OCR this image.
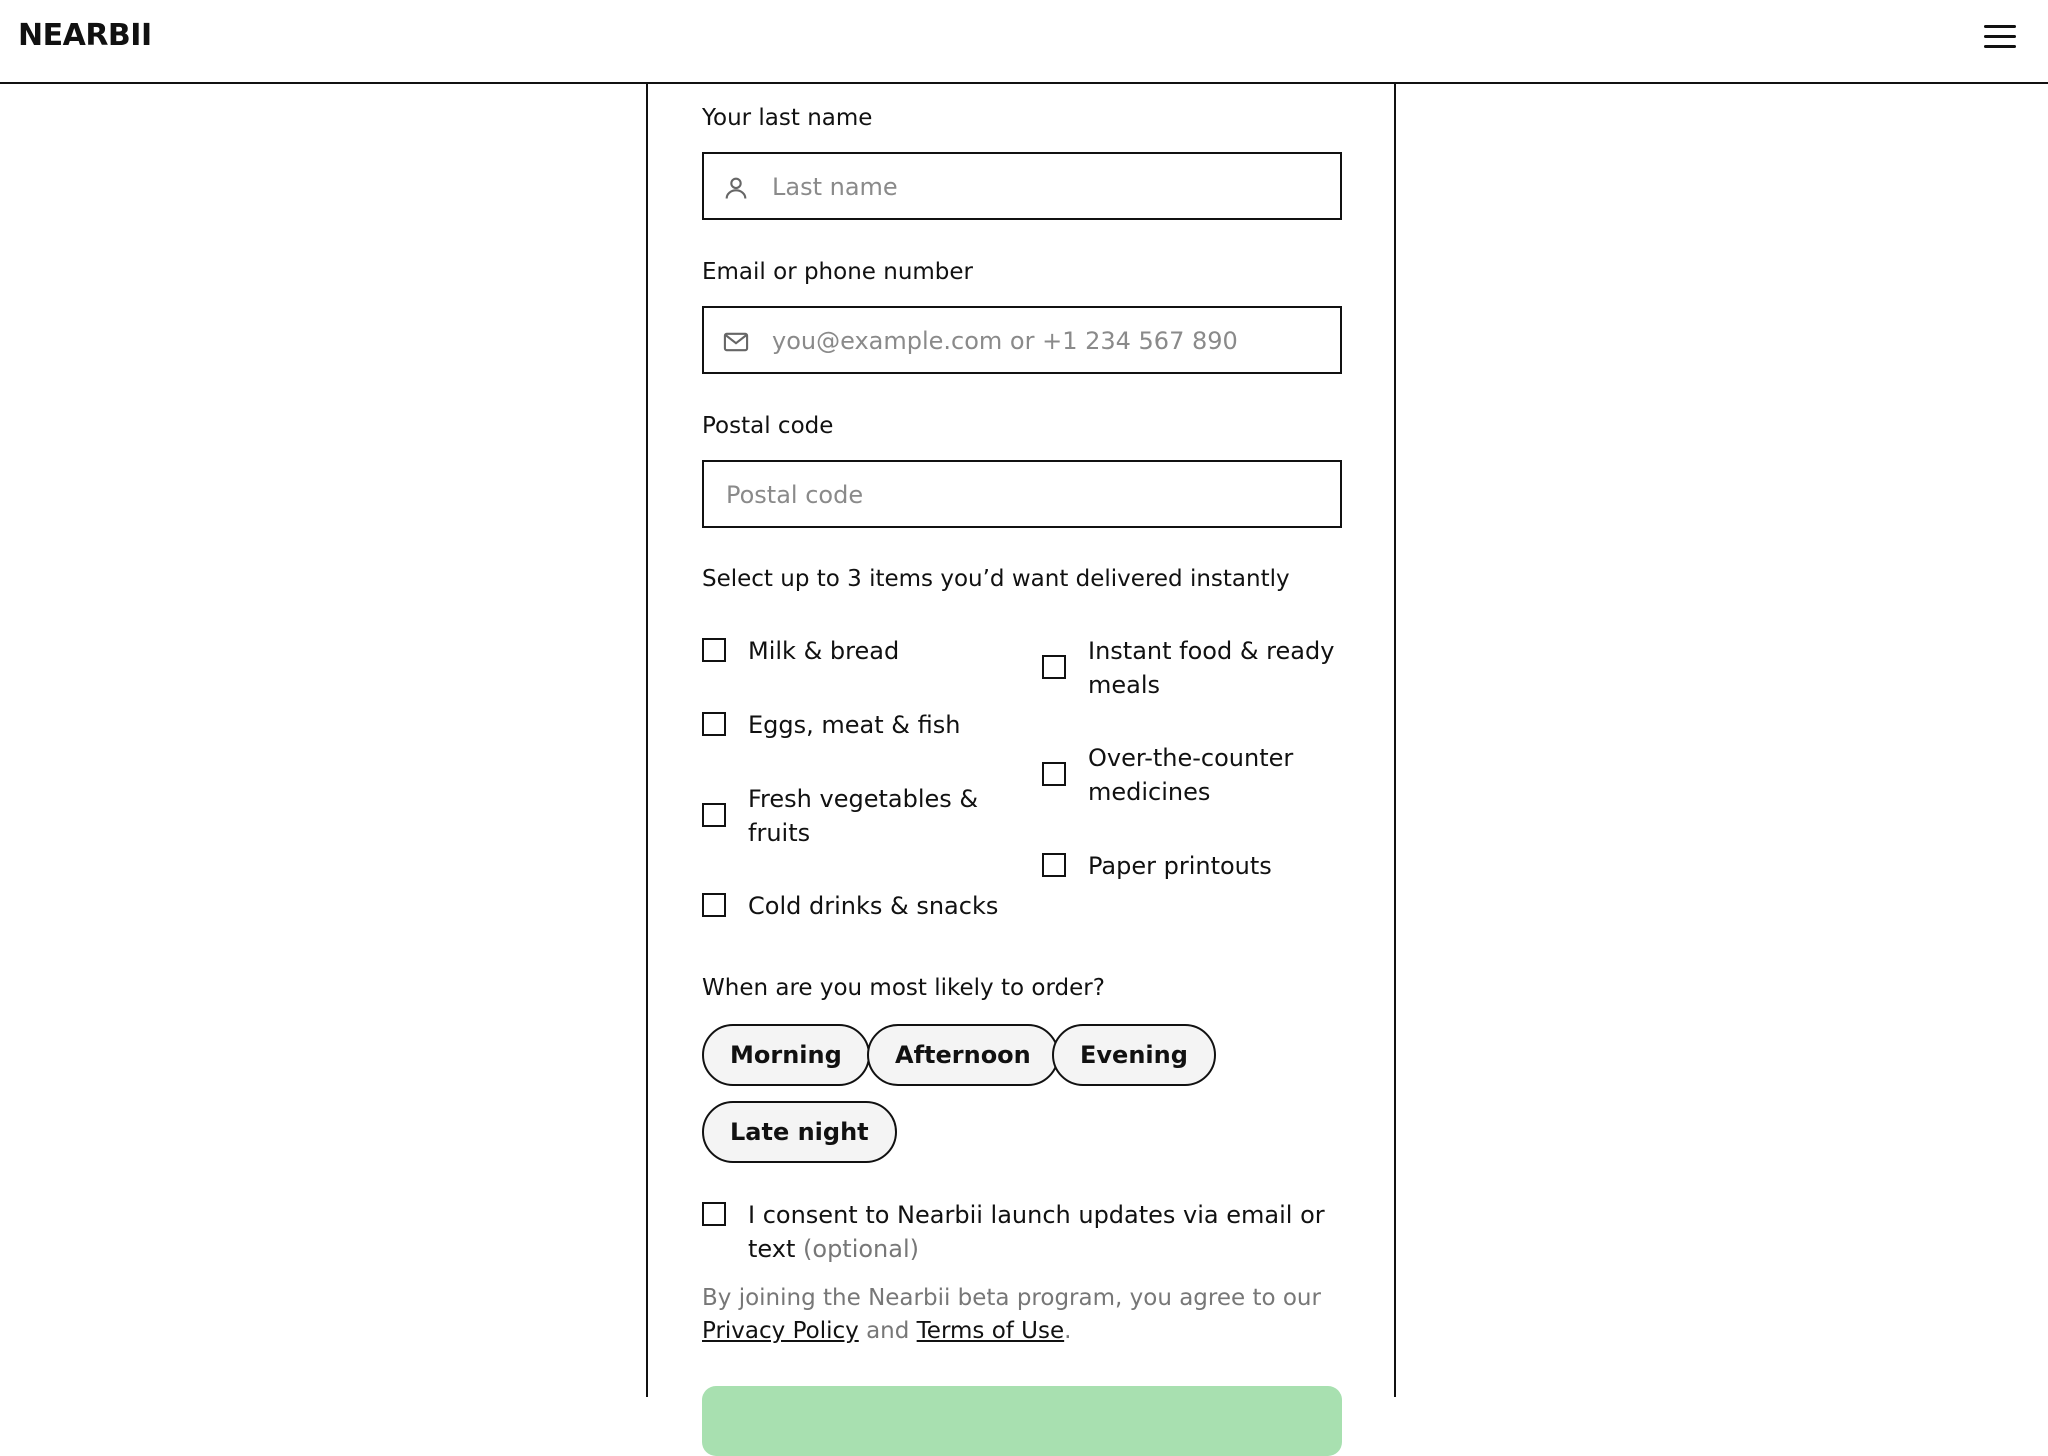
NEARBII
Your last name
Last name
Email or phone number
you@example.com or +1 234 567 890
Postal code
Postal code
Select up to 3 items you’d want delivered instantly
Milk & bread
Eggs, meat & fish
Fresh vegetables & fruits
Cold drinks & snacks
Instant food & ready meals
Over-the-counter medicines
Paper printouts
When are you most likely to order?
Morning	Afternoon	Evening
Late night
I consent to Nearbii launch updates via email or text (optional)
By joining the Nearbii beta program, you agree to our Privacy Policy and Terms of Use.
